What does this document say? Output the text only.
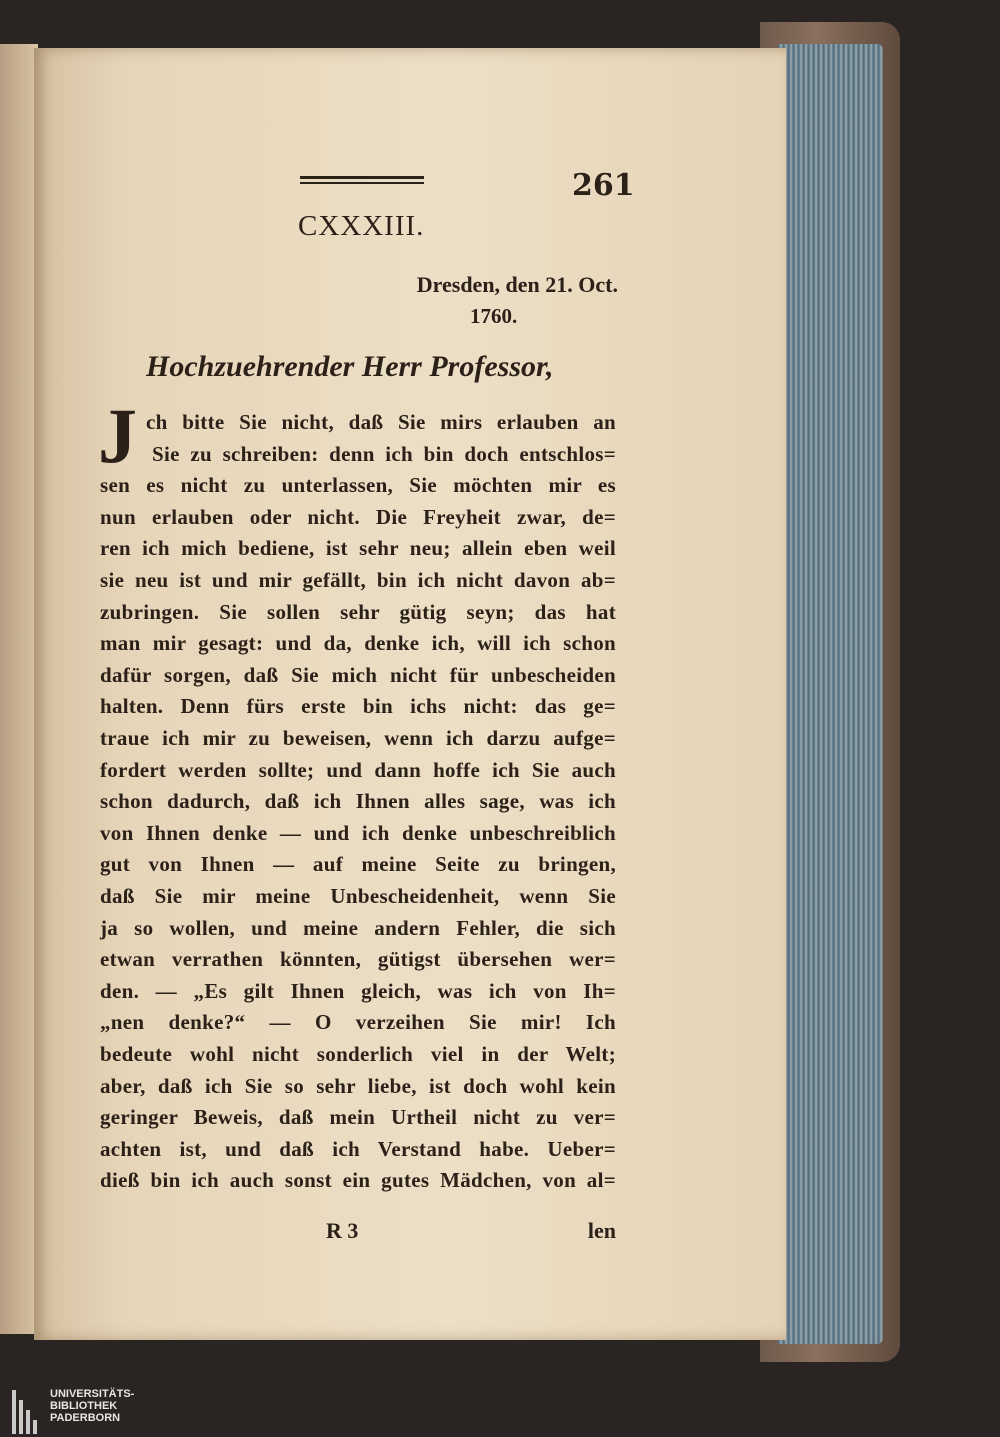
261
CXXXIII.
Dresden, den 21. Oct.
1760.
Hochzuehrender Herr Professor,
J ch bitte Sie nicht, daß Sie mirs erlauben an
Sie zu schreiben: denn ich bin doch entschlos=
sen es nicht zu unterlassen, Sie möchten mir es
nun erlauben oder nicht. Die Freyheit zwar, de=
ren ich mich bediene, ist sehr neu; allein eben weil
sie neu ist und mir gefällt, bin ich nicht davon ab=
zubringen. Sie sollen sehr gütig seyn; das hat
man mir gesagt: und da, denke ich, will ich schon
dafür sorgen, daß Sie mich nicht für unbescheiden
halten. Denn fürs erste bin ichs nicht: das ge=
traue ich mir zu beweisen, wenn ich darzu aufge=
fordert werden sollte; und dann hoffe ich Sie auch
schon dadurch, daß ich Ihnen alles sage, was ich
von Ihnen denke — und ich denke unbeschreiblich
gut von Ihnen — auf meine Seite zu bringen,
daß Sie mir meine Unbescheidenheit, wenn Sie
ja so wollen, und meine andern Fehler, die sich
etwan verrathen könnten, gütigst übersehen wer=
den. — „Es gilt Ihnen gleich, was ich von Ih=
„nen denke?“ — O verzeihen Sie mir! Ich
bedeute wohl nicht sonderlich viel in der Welt;
aber, daß ich Sie so sehr liebe, ist doch wohl kein
geringer Beweis, daß mein Urtheil nicht zu ver=
achten ist, und daß ich Verstand habe. Ueber=
dieß bin ich auch sonst ein gutes Mädchen, von al=
R 3	len
UNIVERSITÄTS-
BIBLIOTHEK
PADERBORN
